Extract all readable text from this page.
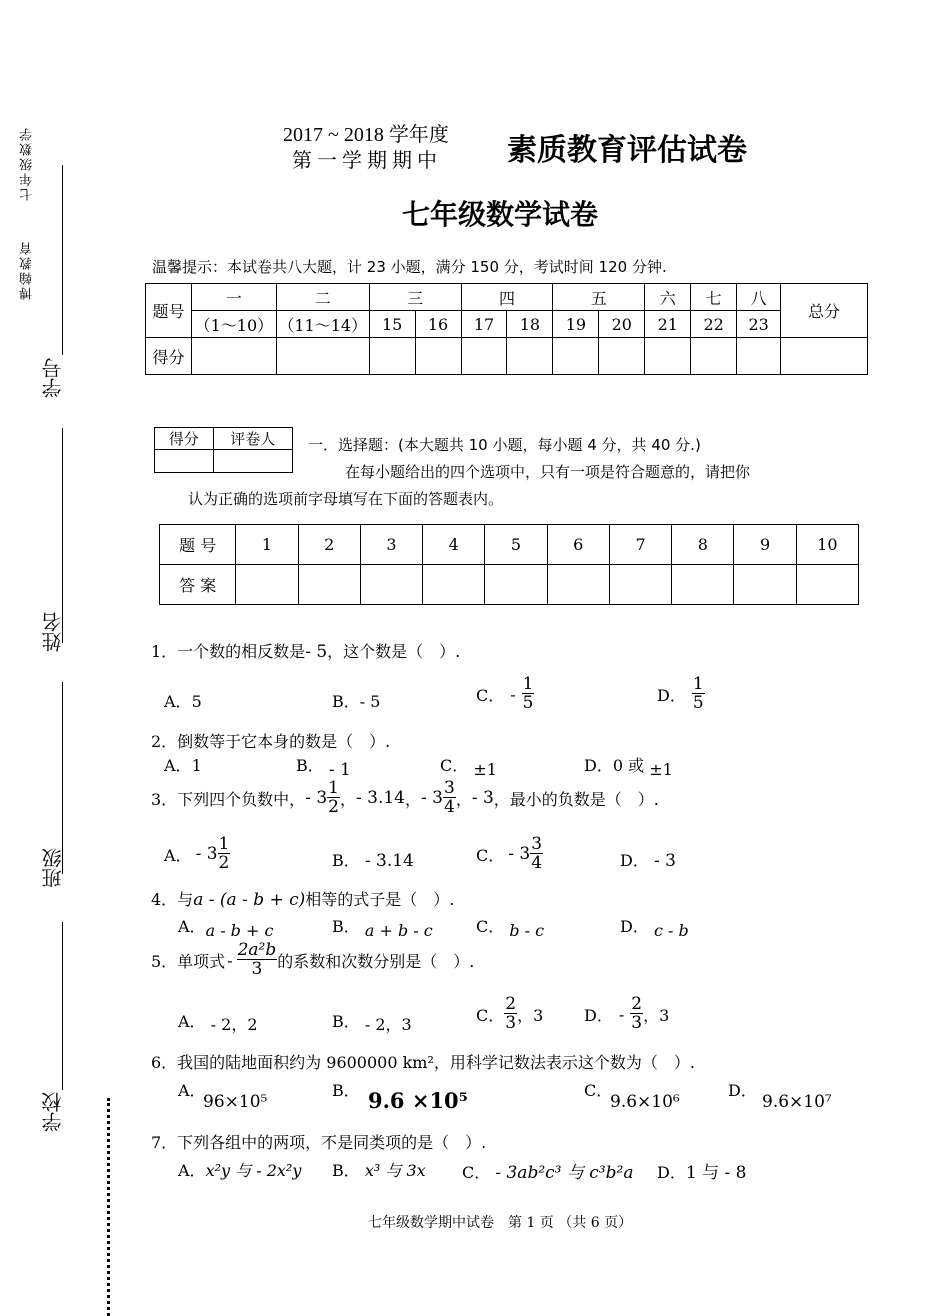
七年级数学
博翰教育
学号
姓名
班级
学校
2017 ~ 2018 学年度
第 一 学 期 期 中 素质教育评估试卷
七年级数学试卷
温馨提示：本试卷共八大题，计 23 小题，满分 150 分，考试时间 120 分钟.
题号	一	二	三		四		五		六	七	八	总分
	（1～10）	（11～14）	15	16	17	18	19	20	21	22	23	
得分												
得分	评卷人
	一．选择题：(本大题共 10 小题，每小题 4 分，共 40 分.)
在每小题给出的四个选项中，只有一项是符合题意的，请把你
认为正确的选项前字母填写在下面的答题表内。
题 号	1	2	3	4	5	6	7	8	9	10
答 案										
1．一个数的相反数是- 5，这个数是（　）.
A．5	B．- 5	C． - $\frac{1}{5}$	D． $\frac{1}{5}$
2．倒数等于它本身的数是（　）.
A．1	B． - 1	C． ±1	D．0 或 ±1
3．下列四个负数中， - $3 \frac{1}{2}$ ， - 3.14 ， - $3 \frac{3}{4}$ ， - 3 ，最小的负数是（　）.
A． - $3 \frac{1}{2}$	B． - 3.14	C． - $3 \frac{3}{4}$	D． - 3
4．与a - (a - b + c)相等的式子是（　）.
A．a - b + c	B． a + b - c	C． b - c	D． c - b
5．单项式 - $\frac{\text{2a²b}}{3}$ 的系数和次数分别是（　）.
A． - 2，2	B． - 2，3	C． $\frac{2}{3}$ ，3	D． - $\frac{2}{3}$ ，3
6．我国的陆地面积约为 9600000 km²，用科学记数法表示这个数为（　）.
A．
96×10⁵
B． 9.6 ×10⁵	C．
9.6×10⁶
D．
9.6×10⁷
7．下列各组中的两项，不是同类项的是（　）.
A．x²y 与 - 2x²y B． x³ 与 3x C． - 3ab²c³ 与 c³b²a D．1 与 - 8
七年级数学期中试卷　第 1 页 （共 6 页）
